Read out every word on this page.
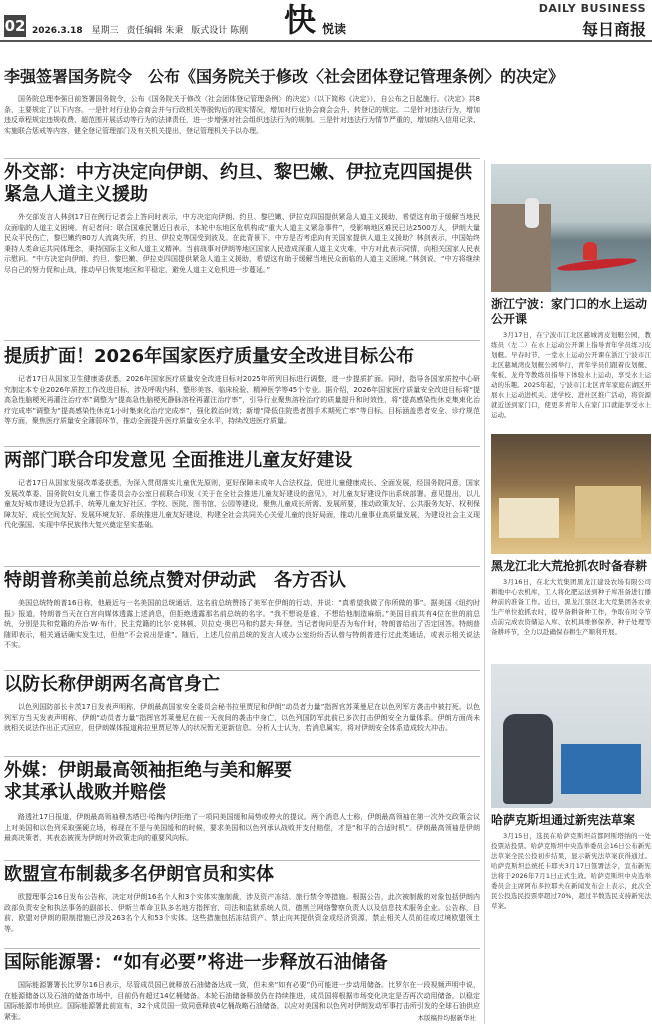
02 2026.3.18 星期三 责任编辑 朱秉 版式设计 陈刚 快 悦读
DAILY BUSINESS
每日商报
李强签署国务院令　公布《国务院关于修改〈社会团体登记管理条例〉的决定》

国务院总理李强日前签署国务院令，公布《国务院关于修改〈社会团体登记管理条例〉的决定》（以下简称《决定》），自公布之日起施行。《决定》共8条，主要规定了以下内容。一是针对行业协会商会并与行政机关等脱钩后的现实情况，增加对行业协会商会会升、转登记的规定。二是针对违法行为，增加违反章程规定违规收费、超范围开展活动等行为的法律责任，进一步增强对社会组织违法行为的规制。三是针对违法行为情节严重的，增加纳入信用记录、实施联合惩戒等内容，健全登记管理部门及有关机关提出，登记管理机关予以办理。

外交部：中方决定向伊朗、约旦、黎巴嫩、伊拉克四国提供紧急人道主义援助

外交部发言人林剑17日在例行记者会上答问时表示，中方决定向伊朗、约旦、黎巴嫩、伊拉克四国提供紧急人道主义援助，希望这有助于缓解当地民众面临的人道主义困境。有记者问：联合国难民署近日表示，本轮中东地区危机构成“重大人道主义紧急事件”，受影响地区难民已达2500万人，伊朗大量民众平民伤亡，黎巴嫩约80万人流离失所，约旦、伊拉克等国受到波及。在此背景下，中方是否考虑向有关国家提供人道主义援助？林剑表示，中国始终秉持人类命运共同体理念，秉持国际主义和人道主义精神。当前战事对伊朗等地区国家人民造成深重人道主义灾难，中方对此表示同情，向相关国家人民表示慰问。“中方决定向伊朗、约旦、黎巴嫩、伊拉克四国提供紧急人道主义援助，希望这有助于缓解当地民众面临的人道主义困境。”林剑说，“中方将继续尽自己的努力促和止战，推动早日恢复地区和平稳定，避免人道主义危机进一步蔓延。”

提质扩面！2026年国家医疗质量安全改进目标公布

记者17日从国家卫生健康委获悉，2026年国家医疗质量安全改进目标对2025年所列目标进行调整，进一步提质扩面。同时，指导各国家质控中心研究制定本专业2026年质控工作改进目标，涉及呼吸内科、整形美容、临床检验、精神医学等45个专业。据介绍，2026年国家医疗质量安全改进目标将“提高急性脑梗死再灌注治疗率”调整为“提高急性脑梗死静脉溶栓再灌注治疗率”，引导行业聚焦溶栓治疗的质量提升和时效性，将“提高感染性休克集束化治疗完成率”调整为“提高感染性休克1小时集束化治疗完成率”，强化救治时效；新增“降低住院患者围手术期死亡率”等目标。目标涵盖患者安全、诊疗规范等方面，聚焦医疗质量安全薄弱环节，推动全面提升医疗质量安全水平，持续改进医疗质量。

两部门联合印发意见 全面推进儿童友好建设

记者17日从国家发展改革委获悉，为深入贯彻落实儿童优先原则，更好保障未成年人合法权益，促进儿童健康成长、全面发展，经国务院同意，国家发展改革委、国务院妇女儿童工作委员会办公室日前联合印发《关于在全社会推进儿童友好建设的意见》，对儿童友好建设作出系统部署。意见提出，以儿童友好城市建设为总抓手，统筹儿童友好社区、学校、医院、图书馆、公园等建设，聚焦儿童成长所需、发展所要，推动政策友好、公共服务友好、权利保障友好、成长空间友好、发展环境友好，系统推进儿童友好建设，构建全社会共同关心关爱儿童的良好局面，推动儿童事业高质量发展，为建设社会主义现代化强国、实现中华民族伟大复兴奠定坚实基础。

特朗普称美前总统点赞对伊动武　各方否认

美国总统特朗普16日称，他最近与一名美国前总统通话，这名前总统赞扬了美军在伊朗的行动，并说：“真希望我做了你所做的事”。据美国《纽约时报》报道，特朗普当天在白宫向媒体透露上述消息，但拒绝透露那名前总统的名字。“我不想说是谁，不想给他制造麻烦。”美国目前共有4位在世的前总统，分别是共和党籍的乔治·W·布什，民主党籍的比尔·克林顿、贝拉克·奥巴马和约瑟夫·拜登。当记者询问是否为布什时，特朗普给出了否定回答。特朗普随即表示，相关通话确实发生过，但他“不会说出是谁”。随后，上述几位前总统的发言人或办公室纷纷否认曾与特朗普进行过此类通话，或表示相关说法不实。

以防长称伊朗两名高官身亡

以色列国防部长卡茨17日发表声明称，伊朗最高国家安全委员会秘书拉里贾尼和伊朗“动员者力量”指挥官苏莱曼尼在以色列军方袭击中被打死。以色列军方当天发表声明称，伊朗“动员者力量”指挥官苏莱曼尼在前一天夜间的袭击中身亡，以色列国防军此前已多次打击伊朗安全力量体系。伊朗方面尚未就相关说法作出正式回应，但伊朗媒体报道称拉里贾尼等人的状况暂无更新信息。分析人士认为，若消息属实，将对伊朗安全体系造成较大冲击。

外媒：伊朗最高领袖拒绝与美和解要求其承认战败并赔偿

路透社17日报道，伊朗最高领袖穆杰塔巴·哈梅内伊拒绝了一项同美国缓和局势或停火的提议。两个消息人士称，伊朗最高领袖在第一次外交政策会议上对美国和以色列采取强硬立场，称现在不是与美国缓和的时候，要求美国和以色列承认战败并支付赔偿，才是“和平的合适时机”。伊朗最高领袖是伊朗最高决策者，其表态被视为伊朗对外政策走向的重要风向标。

欧盟宣布制裁多名伊朗官员和实体

欧盟理事会16日发布公告称，决定对伊朗16名个人和3个实体实施制裁，涉及资产冻结、旅行禁令等措施。根据公告，此次被制裁的对象包括伊朗内政部负责安全和执法事务的副部长、伊斯兰革命卫队多名地方指挥官、司法和监狱系统人员、德黑兰网络警察负责人以及信息技术服务企业。公告称，目前，欧盟对伊朗的限制措施已涉及263名个人和53个实体。这些措施包括冻结资产、禁止向其提供资金或经济资源，禁止相关人员前往或过境欧盟领土等。

国际能源署：“如有必要”将进一步释放石油储备

国际能源署署长比罗尔16日表示，尽管成员国已就释放石油储备达成一致，但未来“如有必要”仍可能进一步动用储备。比罗尔在一段视频声明中说，在能源储备以及石油的储备市场中，目前仍有超过14亿桶储备。本轮石油储备释放仍在持续推进，成员国将根据市场变化决定是否再次动用储备，以稳定国际能源市场供应。国际能源署此前宣布，32个成员国一致同意释放4亿桶战略石油储备，以应对美国和以色列对伊朗发动军事打击所引发的全球石油供应紧张。

浙江宁波：家门口的水上运动公开课

3月17日，在宁波市江北区慈城湾皮划艇公园，教练员（左二）在水上运动公开课上指导青年学员练习皮划艇。早春时节，一堂水上运动公开课在浙江宁波市江北区慈城湾皮划艇公园举行，青年学员们跟着皮划艇、桨板、龙舟等教练员指导下体验水上运动，享受水上运动的乐趣。2025年起，宁波市江北区青年家庭在湖区开展水上运动进机关、进学校、进社区推广活动，将资源就近送到家门口，使更多青年人在家门口就能享受水上运动。

黑龙江北大荒抢抓农时备春耕

3月16日，在北大荒集团黑龙江建设农场有限公司耕地中心农机库，工人将化肥运送到种子库准备进行播种前的准备工作。近日，黑龙江垦区北大荒集团各农业生产单位抢抓农时，提早备耕备种工作，争取在时令节点前完成农资储运入库、农机具维修保养、种子处理等备耕环节，全力以赴确保春耕生产顺利开展。

哈萨克斯坦通过新宪法草案

3月15日，选民在哈萨克斯坦首都阿斯塔纳的一处投票站投票。哈萨克斯坦中央选举委员会16日公布新宪法草案全民公投初步结果，显示新宪法草案获得通过。哈萨克斯坦总统托卡耶夫3月17日签署法令，宣布新宪法将于2026年7月1日正式生效。哈萨克斯坦中央选举委员会主席阿布多拉耶夫在新闻发布会上表示，此次全民公投选民投票率超过70%，超过半数选民支持新宪法草案。

本版稿件均据新华社
